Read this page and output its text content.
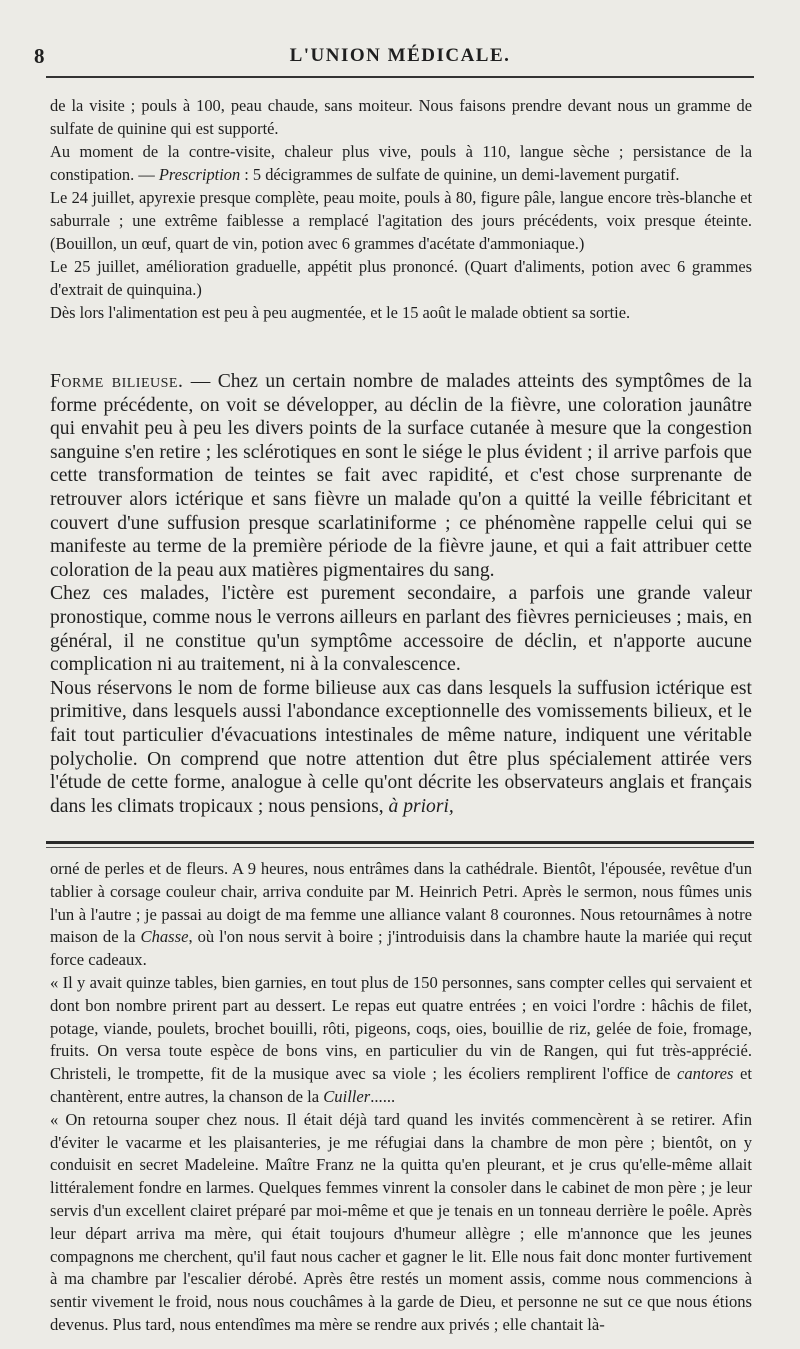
8	L'UNION MÉDICALE.

de la visite ; pouls à 100, peau chaude, sans moiteur. Nous faisons prendre devant nous un gramme de sulfate de quinine qui est supporté.

Au moment de la contre-visite, chaleur plus vive, pouls à 110, langue sèche ; persistance de la constipation. — Prescription : 5 décigrammes de sulfate de quinine, un demi-lavement purgatif.

Le 24 juillet, apyrexie presque complète, peau moite, pouls à 80, figure pâle, langue encore très-blanche et saburrale ; une extrême faiblesse a remplacé l'agitation des jours précédents, voix presque éteinte. (Bouillon, un œuf, quart de vin, potion avec 6 grammes d'acétate d'ammoniaque.)

Le 25 juillet, amélioration graduelle, appétit plus prononcé. (Quart d'aliments, potion avec 6 grammes d'extrait de quinquina.)

Dès lors l'alimentation est peu à peu augmentée, et le 15 août le malade obtient sa sortie.

Forme bilieuse. — Chez un certain nombre de malades atteints des symptômes de la forme précédente, on voit se développer, au déclin de la fièvre, une coloration jaunâtre qui envahit peu à peu les divers points de la surface cutanée à mesure que la congestion sanguine s'en retire ; les sclérotiques en sont le siége le plus évident ; il arrive parfois que cette transformation de teintes se fait avec rapidité, et c'est chose surprenante de retrouver alors ictérique et sans fièvre un malade qu'on a quitté la veille fébricitant et couvert d'une suffusion presque scarlatiniforme ; ce phénomène rappelle celui qui se manifeste au terme de la première période de la fièvre jaune, et qui a fait attribuer cette coloration de la peau aux matières pigmentaires du sang.

Chez ces malades, l'ictère est purement secondaire, a parfois une grande valeur pronostique, comme nous le verrons ailleurs en parlant des fièvres pernicieuses ; mais, en général, il ne constitue qu'un symptôme accessoire de déclin, et n'apporte aucune complication ni au traitement, ni à la convalescence.

Nous réservons le nom de forme bilieuse aux cas dans lesquels la suffusion ictérique est primitive, dans lesquels aussi l'abondance exceptionnelle des vomissements bilieux, et le fait tout particulier d'évacuations intestinales de même nature, indiquent une véritable polycholie. On comprend que notre attention dut être plus spécialement attirée vers l'étude de cette forme, analogue à celle qu'ont décrite les observateurs anglais et français dans les climats tropicaux ; nous pensions, à priori,

orné de perles et de fleurs. A 9 heures, nous entrâmes dans la cathédrale. Bientôt, l'épousée, revêtue d'un tablier à corsage couleur chair, arriva conduite par M. Heinrich Petri. Après le sermon, nous fûmes unis l'un à l'autre ; je passai au doigt de ma femme une alliance valant 8 couronnes. Nous retournâmes à notre maison de la Chasse, où l'on nous servit à boire ; j'introduisis dans la chambre haute la mariée qui reçut force cadeaux.

« Il y avait quinze tables, bien garnies, en tout plus de 150 personnes, sans compter celles qui servaient et dont bon nombre prirent part au dessert. Le repas eut quatre entrées ; en voici l'ordre : hâchis de filet, potage, viande, poulets, brochet bouilli, rôti, pigeons, coqs, oies, bouillie de riz, gelée de foie, fromage, fruits. On versa toute espèce de bons vins, en particulier du vin de Rangen, qui fut très-apprécié. Christeli, le trompette, fit de la musique avec sa viole ; les écoliers remplirent l'office de cantores et chantèrent, entre autres, la chanson de la Cuiller......

« On retourna souper chez nous. Il était déjà tard quand les invités commencèrent à se retirer. Afin d'éviter le vacarme et les plaisanteries, je me réfugiai dans la chambre de mon père ; bientôt, on y conduisit en secret Madeleine. Maître Franz ne la quitta qu'en pleurant, et je crus qu'elle-même allait littéralement fondre en larmes. Quelques femmes vinrent la consoler dans le cabinet de mon père ; je leur servis d'un excellent clairet préparé par moi-même et que je tenais en un tonneau derrière le poêle. Après leur départ arriva ma mère, qui était toujours d'humeur allègre ; elle m'annonce que les jeunes compagnons me cherchent, qu'il faut nous cacher et gagner le lit. Elle nous fait donc monter furtivement à ma chambre par l'escalier dérobé. Après être restés un moment assis, comme nous commencions à sentir vivement le froid, nous nous couchâmes à la garde de Dieu, et personne ne sut ce que nous étions devenus. Plus tard, nous entendîmes ma mère se rendre aux privés ; elle chantait là-
